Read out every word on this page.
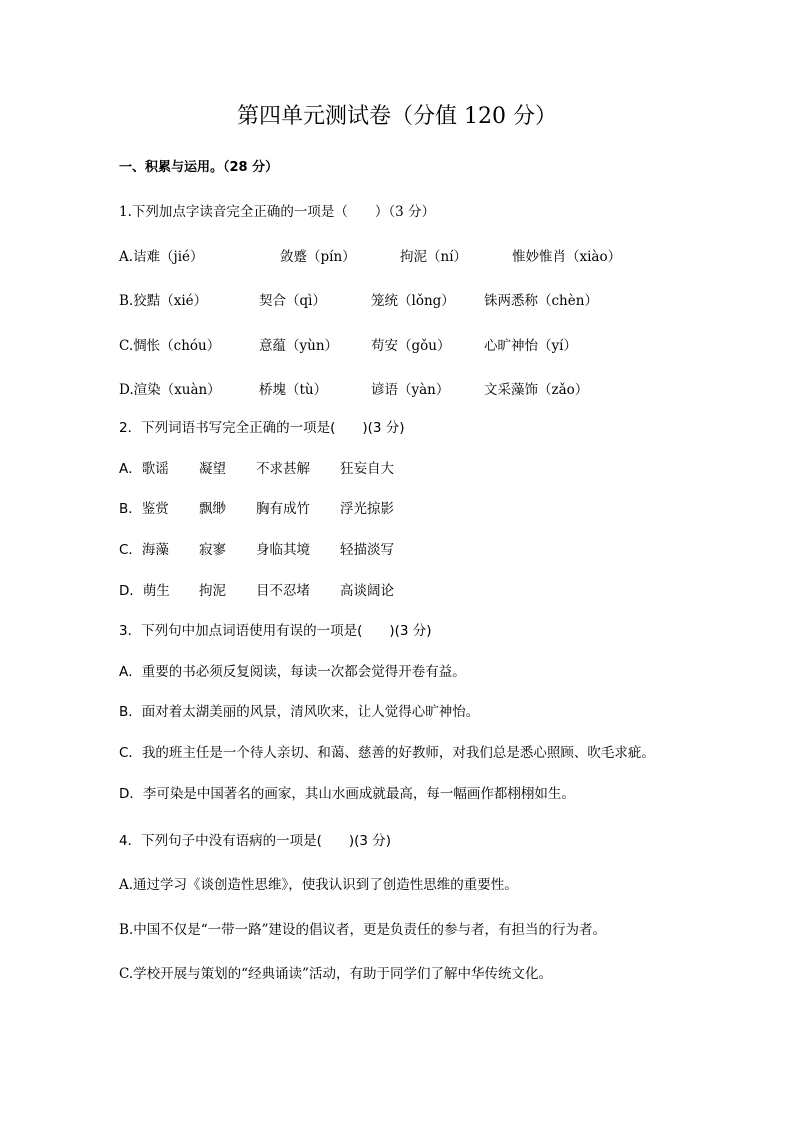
第四单元测试卷（分值 120 分）
一、积累与运用。（28 分）
1.下列加点字读音完全正确的一项是（　　）（3 分）
A.诘难（jié）	敛蹙（pín）	拘泥（ní）	惟妙惟肖（xiào）
B.狡黠（xié）	契合（qì）	笼统（lǒng） 铢两悉称（chèn）
C.惆怅（chóu）	意蕴（yùn） 苟安（gǒu） 心旷神怡（yí）
D.渲染（xuàn）	桥塊（tù）	谚语（yàn）	文采藻饰（zǎo）
2．下列词语书写完全正确的一项是(　　)(3 分)
A．歌谣 凝望 不求甚解 狂妄自大
B．鉴赏 飘缈 胸有成竹 浮光掠影
C．海藻 寂寥 身临其境 轻描淡写
D．萌生 拘泥 目不忍堵 高谈阔论
3．下列句中加点词语使用有误的一项是(　　)(3 分)
A．重要的书必须反复阅读，每读一次都会觉得开卷有益。
B．面对着太湖美丽的风景，清风吹来，让人觉得心旷神怡。
C．我的班主任是一个待人亲切、和蔼、慈善的好教师，对我们总是悉心照顾、吹毛求疵。
D．李可染是中国著名的画家，其山水画成就最高，每一幅画作都栩栩如生。
4．下列句子中没有语病的一项是(　　)(3 分)
A.通过学习《谈创造性思维》，使我认识到了创造性思维的重要性。
B.中国不仅是“一带一路”建设的倡议者，更是负责任的参与者，有担当的行为者。
C.学校开展与策划的“经典诵读”活动，有助于同学们了解中华传统文化。
